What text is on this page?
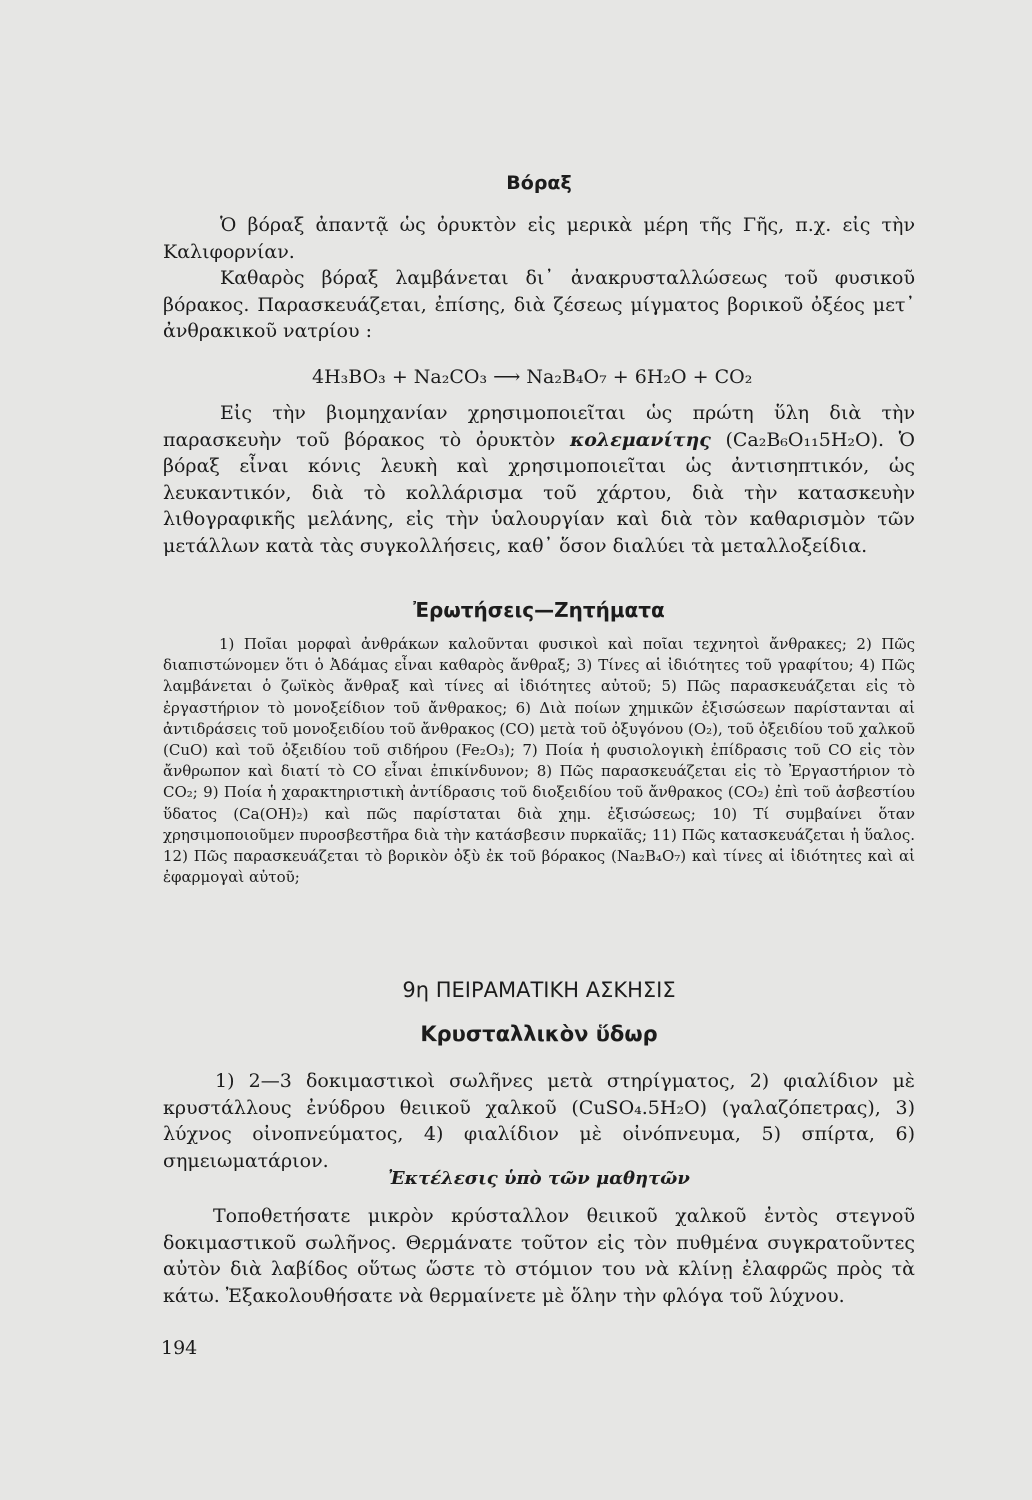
Βόραξ

Ὁ βόραξ ἀπαντᾷ ὡς ὀρυκτὸν εἰς μερικὰ μέρη τῆς Γῆς, π.χ. εἰς τὴν Καλιφορνίαν.

Καθαρὸς βόραξ λαμβάνεται δι᾿ ἀνακρυσταλλώσεως τοῦ φυσικοῦ βόρακος. Παρασκευάζεται, ἐπίσης, διὰ ζέσεως μίγματος βορικοῦ ὀξέος μετ᾿ ἀνθρακικοῦ νατρίου :

4H₃BO₃ + Na₂CO₃ ⟶ Na₂B₄O₇ + 6H₂O + CO₂

Εἰς τὴν βιομηχανίαν χρησιμοποιεῖται ὡς πρώτη ὕλη διὰ τὴν παρασκευὴν τοῦ βόρακος τὸ ὀρυκτὸν κολεμανίτης (Ca₂B₆O₁₁5H₂O). Ὁ βόραξ εἶναι κόνις λευκὴ καὶ χρησιμοποιεῖται ὡς ἀντισηπτικόν, ὡς λευκαντικόν, διὰ τὸ κολλάρισμα τοῦ χάρτου, διὰ τὴν κατασκευὴν λιθογραφικῆς μελάνης, εἰς τὴν ὑαλουργίαν καὶ διὰ τὸν καθαρισμὸν τῶν μετάλλων κατὰ τὰς συγκολλήσεις, καθ᾿ ὅσον διαλύει τὰ μεταλλοξείδια.

Ἐρωτήσεις—Ζητήματα

1) Ποῖαι μορφαὶ ἀνθράκων καλοῦνται φυσικοὶ καὶ ποῖαι τεχνητοὶ ἄνθρακες; 2) Πῶς διαπιστώνομεν ὅτι ὁ Ἀδάμας εἶναι καθαρὸς ἄνθραξ; 3) Τίνες αἱ ἰδιότητες τοῦ γραφίτου; 4) Πῶς λαμβάνεται ὁ ζωϊκὸς ἄνθραξ καὶ τίνες αἱ ἰδιότητες αὐτοῦ; 5) Πῶς παρασκευάζεται εἰς τὸ ἐργαστήριον τὸ μονοξείδιον τοῦ ἄνθρακος; 6) Διὰ ποίων χημικῶν ἐξισώσεων παρίστανται αἱ ἀντιδράσεις τοῦ μονοξειδίου τοῦ ἄνθρακος (CO) μετὰ τοῦ ὀξυγόνου (O₂), τοῦ ὀξειδίου τοῦ χαλκοῦ (CuO) καὶ τοῦ ὀξειδίου τοῦ σιδήρου (Fe₂O₃); 7) Ποία ἡ φυσιολογικὴ ἐπίδρασις τοῦ CO εἰς τὸν ἄνθρωπον καὶ διατί τὸ CO εἶναι ἐπικίνδυνον; 8) Πῶς παρασκευάζεται εἰς τὸ Ἐργαστήριον τὸ CO₂; 9) Ποία ἡ χαρακτηριστικὴ ἀντίδρασις τοῦ διοξειδίου τοῦ ἄνθρακος (CO₂) ἐπὶ τοῦ ἀσβεστίου ὕδατος (Ca(OH)₂) καὶ πῶς παρίσταται διὰ χημ. ἐξισώσεως; 10) Τί συμβαίνει ὅταν χρησιμοποιοῦμεν πυροσβεστῆρα διὰ τὴν κατάσβεσιν πυρκαϊᾶς; 11) Πῶς κατασκευάζεται ἡ ὕαλος. 12) Πῶς παρασκευάζεται τὸ βορικὸν ὀξὺ ἐκ τοῦ βόρακος (Na₂B₄O₇) καὶ τίνες αἱ ἰδιότητες καὶ αἱ ἐφαρμογαὶ αὐτοῦ;

9η ΠΕΙΡΑΜΑΤΙΚΗ ΑΣΚΗΣΙΣ
Κρυσταλλικὸν ὕδωρ

1) 2—3 δοκιμαστικοὶ σωλῆνες μετὰ στηρίγματος, 2) φιαλίδιον μὲ κρυστάλλους ἐνύδρου θειικοῦ χαλκοῦ (CuSO₄.5H₂O) (γαλαζόπετρας), 3) λύχνος οἰνοπνεύματος, 4) φιαλίδιον μὲ οἰνόπνευμα, 5) σπίρτα, 6) σημειωματάριον.

Ἐκτέλεσις ὑπὸ τῶν μαθητῶν

Τοποθετήσατε μικρὸν κρύσταλλον θειικοῦ χαλκοῦ ἐντὸς στεγνοῦ δοκιμαστικοῦ σωλῆνος. Θερμάνατε τοῦτον εἰς τὸν πυθμένα συγκρατοῦντες αὐτὸν διὰ λαβίδος οὕτως ὥστε τὸ στόμιον του νὰ κλίνῃ ἐλαφρῶς πρὸς τὰ κάτω. Ἐξακολουθήσατε νὰ θερμαίνετε μὲ ὅλην τὴν φλόγα τοῦ λύχνου.

194
